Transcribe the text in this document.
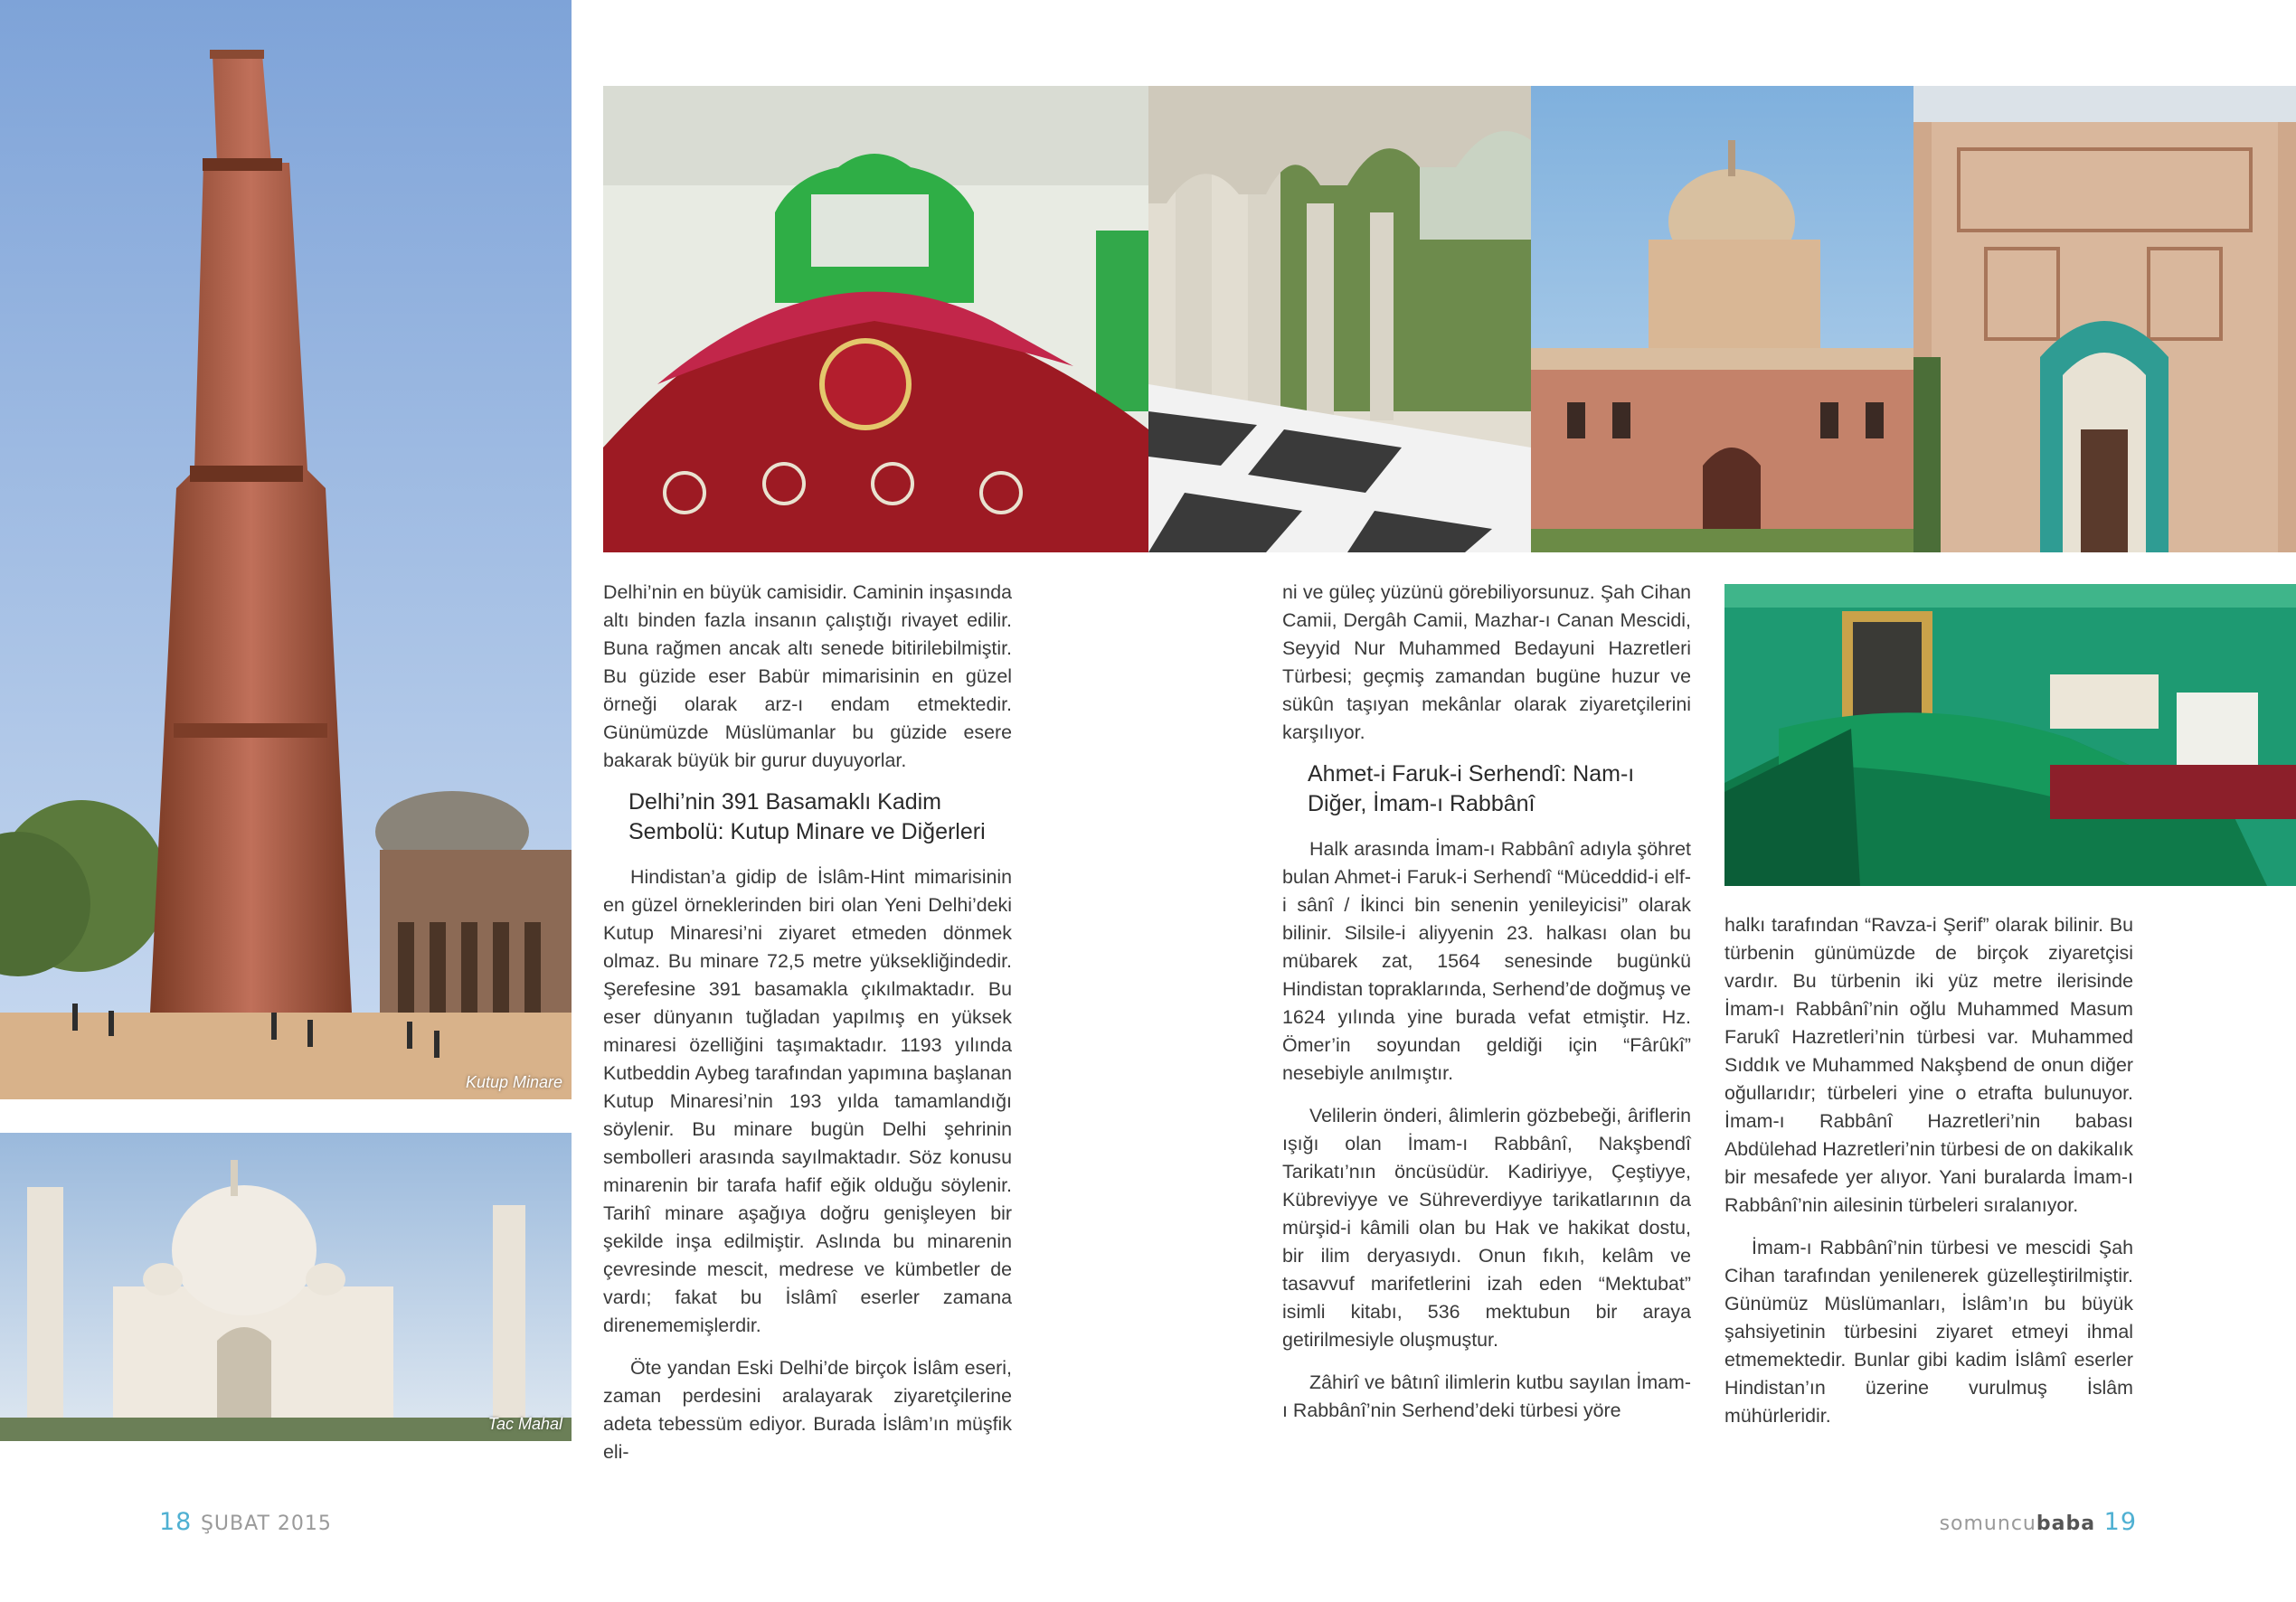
Kutup Minare
Tac Mahal

Delhi’nin en büyük camisidir. Caminin inşasında altı binden fazla insanın çalıştığı rivayet edilir. Buna rağmen ancak altı senede bitirilebilmiştir. Bu güzide eser Babür mimarisinin en güzel örneği olarak arz-ı endam etmektedir. Günümüzde Müslümanlar bu güzide esere bakarak büyük bir gurur duyuyorlar.

Delhi’nin 391 Basamaklı Kadim Sembolü: Kutup Minare ve Diğerleri

Hindistan’a gidip de İslâm-Hint mimarisinin en güzel örneklerinden biri olan Yeni Delhi’deki Kutup Minaresi’ni ziyaret etmeden dönmek olmaz. Bu minare 72,5 metre yüksekliğindedir. Şerefesine 391 basamakla çıkılmaktadır. Bu eser dünyanın tuğladan yapılmış en yüksek minaresi özelliğini taşımaktadır. 1193 yılında Kutbeddin Aybeg tarafından yapımına başlanan Kutup Minaresi’nin 193 yılda tamamlandığı söylenir. Bu minare bugün Delhi şehrinin sembolleri arasında sayılmaktadır. Söz konusu minarenin bir tarafa hafif eğik olduğu söylenir. Tarihî minare aşağıya doğru genişleyen bir şekilde inşa edilmiştir. Aslında bu minarenin çevresinde mescit, medrese ve kümbetler de vardı; fakat bu İslâmî eserler zamana direnememişlerdir.

Öte yandan Eski Delhi’de birçok İslâm eseri, zaman perdesini aralayarak ziyaretçilerine adeta tebessüm ediyor. Burada İslâm’ın müşfik eli-

ni ve güleç yüzünü görebiliyorsunuz. Şah Cihan Camii, Dergâh Camii, Mazhar-ı Canan Mescidi, Seyyid Nur Muhammed Bedayuni Hazretleri Türbesi; geçmiş zamandan bugüne huzur ve sükûn taşıyan mekânlar olarak ziyaretçilerini karşılıyor.

Ahmet-i Faruk-i Serhendî: Nam-ı Diğer, İmam-ı Rabbânî

Halk arasında İmam-ı Rabbânî adıyla şöhret bulan Ahmet-i Faruk-i Serhendî “Müceddid-i elf-i sânî / İkinci bin senenin yenileyicisi” olarak bilinir. Silsile-i aliyyenin 23. halkası olan bu mübarek zat, 1564 senesinde bugünkü Hindistan topraklarında, Serhend’de doğmuş ve 1624 yılında yine burada vefat etmiştir. Hz. Ömer’in soyundan geldiği için “Fârûkî” nesebiyle anılmıştır.

Velilerin önderi, âlimlerin gözbebeği, âriflerin ışığı olan İmam-ı Rabbânî, Nakşbendî Tarikatı’nın öncüsüdür. Kadiriyye, Çeştiyye, Kübreviyye ve Sühreverdiyye tarikatlarının da mürşid-i kâmili olan bu Hak ve hakikat dostu, bir ilim deryasıydı. Onun fıkıh, kelâm ve tasavvuf marifetlerini izah eden “Mektubat” isimli kitabı, 536 mektubun bir araya getirilmesiyle oluşmuştur.

Zâhirî ve bâtınî ilimlerin kutbu sayılan İmam-ı Rabbânî’nin Serhend’deki türbesi yöre

halkı tarafından “Ravza-i Şerif” olarak bilinir. Bu türbenin günümüzde de birçok ziyaretçisi vardır. Bu türbenin iki yüz metre ilerisinde İmam-ı Rabbânî’nin oğlu Muhammed Masum Farukî Hazretleri’nin türbesi var. Muhammed Sıddık ve Muhammed Nakşbend de onun diğer oğullarıdır; türbeleri yine o etrafta bulunuyor. İmam-ı Rabbânî Hazretleri’nin babası Abdülehad Hazretleri’nin türbesi de on dakikalık bir mesafede yer alıyor. Yani buralarda İmam-ı Rabbânî’nin ailesinin türbeleri sıralanıyor.

İmam-ı Rabbânî’nin türbesi ve mescidi Şah Cihan tarafından yenilenerek güzelleştirilmiştir. Günümüz Müslümanları, İslâm’ın bu büyük şahsiyetinin türbesini ziyaret etmeyi ihmal etmemektedir. Bunlar gibi kadim İslâmî eserler Hindistan’ın üzerine vurulmuş İslâm mühürleridir.

18 ŞUBAT 2015	somuncubaba 19
